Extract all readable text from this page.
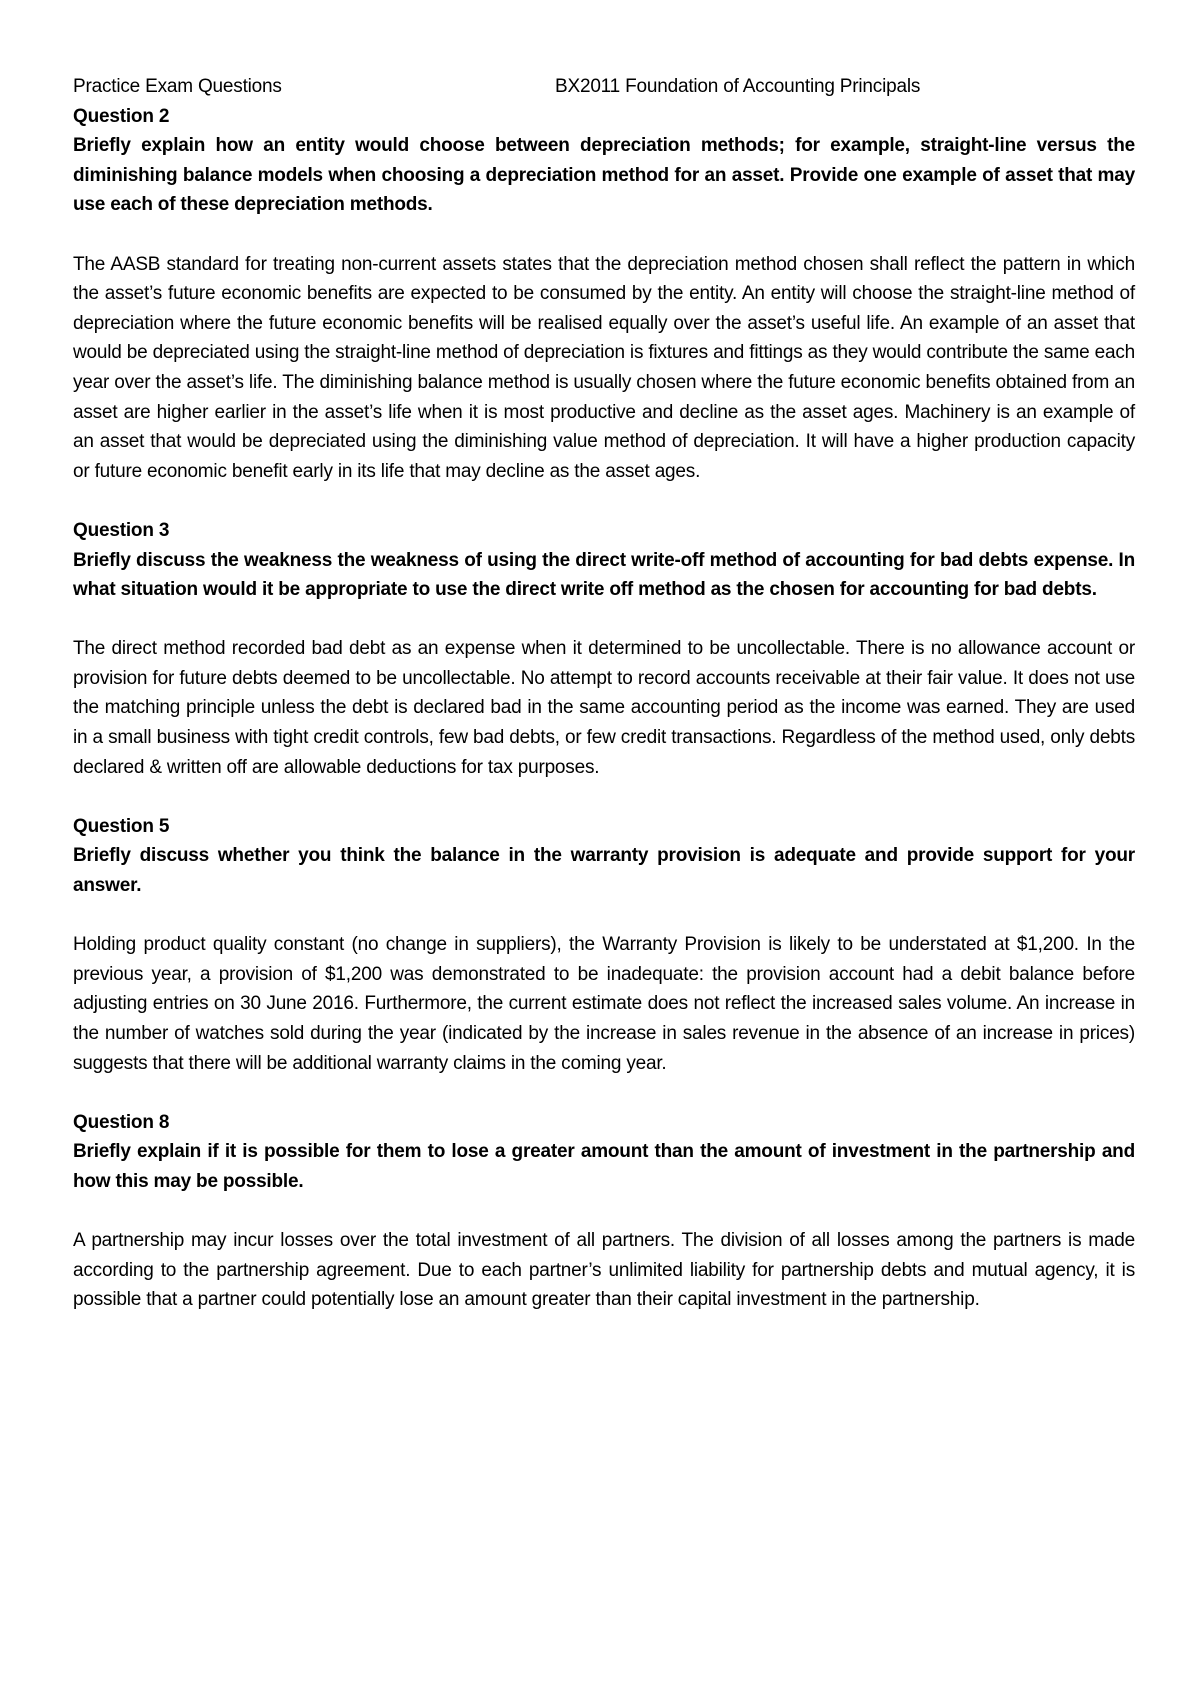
Practice Exam Questions	BX2011 Foundation of Accounting Principals

Question 2

Briefly explain how an entity would choose between depreciation methods; for example, straight-line versus the diminishing balance models when choosing a depreciation method for an asset. Provide one example of asset that may use each of these depreciation methods.

The AASB standard for treating non-current assets states that the depreciation method chosen shall reflect the pattern in which the asset’s future economic benefits are expected to be consumed by the entity. An entity will choose the straight-line method of depreciation where the future economic benefits will be realised equally over the asset’s useful life. An example of an asset that would be depreciated using the straight-line method of depreciation is fixtures and fittings as they would contribute the same each year over the asset’s life. The diminishing balance method is usually chosen where the future economic benefits obtained from an asset are higher earlier in the asset’s life when it is most productive and decline as the asset ages. Machinery is an example of an asset that would be depreciated using the diminishing value method of depreciation. It will have a higher production capacity or future economic benefit early in its life that may decline as the asset ages.

Question 3

Briefly discuss the weakness the weakness of using the direct write-off method of accounting for bad debts expense. In what situation would it be appropriate to use the direct write off method as the chosen for accounting for bad debts.

The direct method recorded bad debt as an expense when it determined to be uncollectable. There is no allowance account or provision for future debts deemed to be uncollectable. No attempt to record accounts receivable at their fair value. It does not use the matching principle unless the debt is declared bad in the same accounting period as the income was earned. They are used in a small business with tight credit controls, few bad debts, or few credit transactions. Regardless of the method used, only debts declared & written off are allowable deductions for tax purposes.

Question 5

Briefly discuss whether you think the balance in the warranty provision is adequate and provide support for your answer.

Holding product quality constant (no change in suppliers), the Warranty Provision is likely to be understated at $1,200. In the previous year, a provision of $1,200 was demonstrated to be inadequate: the provision account had a debit balance before adjusting entries on 30 June 2016. Furthermore, the current estimate does not reflect the increased sales volume. An increase in the number of watches sold during the year (indicated by the increase in sales revenue in the absence of an increase in prices) suggests that there will be additional warranty claims in the coming year.

Question 8

Briefly explain if it is possible for them to lose a greater amount than the amount of investment in the partnership and how this may be possible.

A partnership may incur losses over the total investment of all partners. The division of all losses among the partners is made according to the partnership agreement. Due to each partner’s unlimited liability for partnership debts and mutual agency, it is possible that a partner could potentially lose an amount greater than their capital investment in the partnership.
